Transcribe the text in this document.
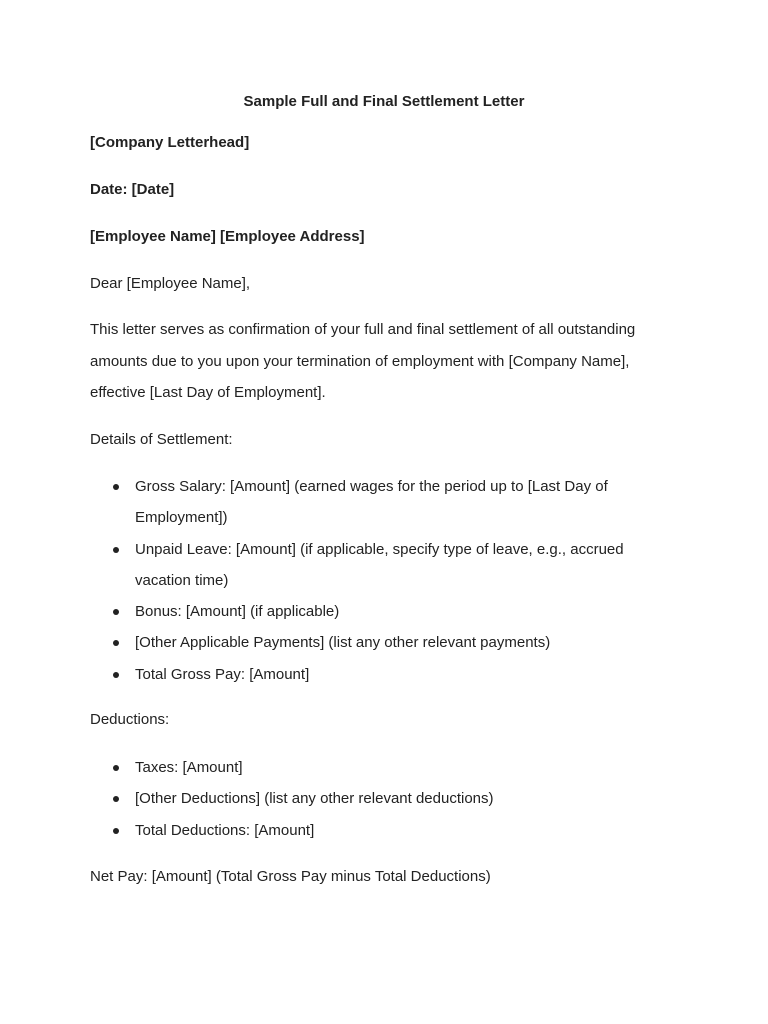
Sample Full and Final Settlement Letter
[Company Letterhead]
Date: [Date]
[Employee Name] [Employee Address]
Dear [Employee Name],

This letter serves as confirmation of your full and final settlement of all outstanding amounts due to you upon your termination of employment with [Company Name], effective [Last Day of Employment].

Details of Settlement:
Gross Salary: [Amount] (earned wages for the period up to [Last Day of Employment])
Unpaid Leave: [Amount] (if applicable, specify type of leave, e.g., accrued vacation time)
Bonus: [Amount] (if applicable)
[Other Applicable Payments] (list any other relevant payments)
Total Gross Pay: [Amount]
Deductions:
Taxes: [Amount]
[Other Deductions] (list any other relevant deductions)
Total Deductions: [Amount]
Net Pay: [Amount] (Total Gross Pay minus Total Deductions)
